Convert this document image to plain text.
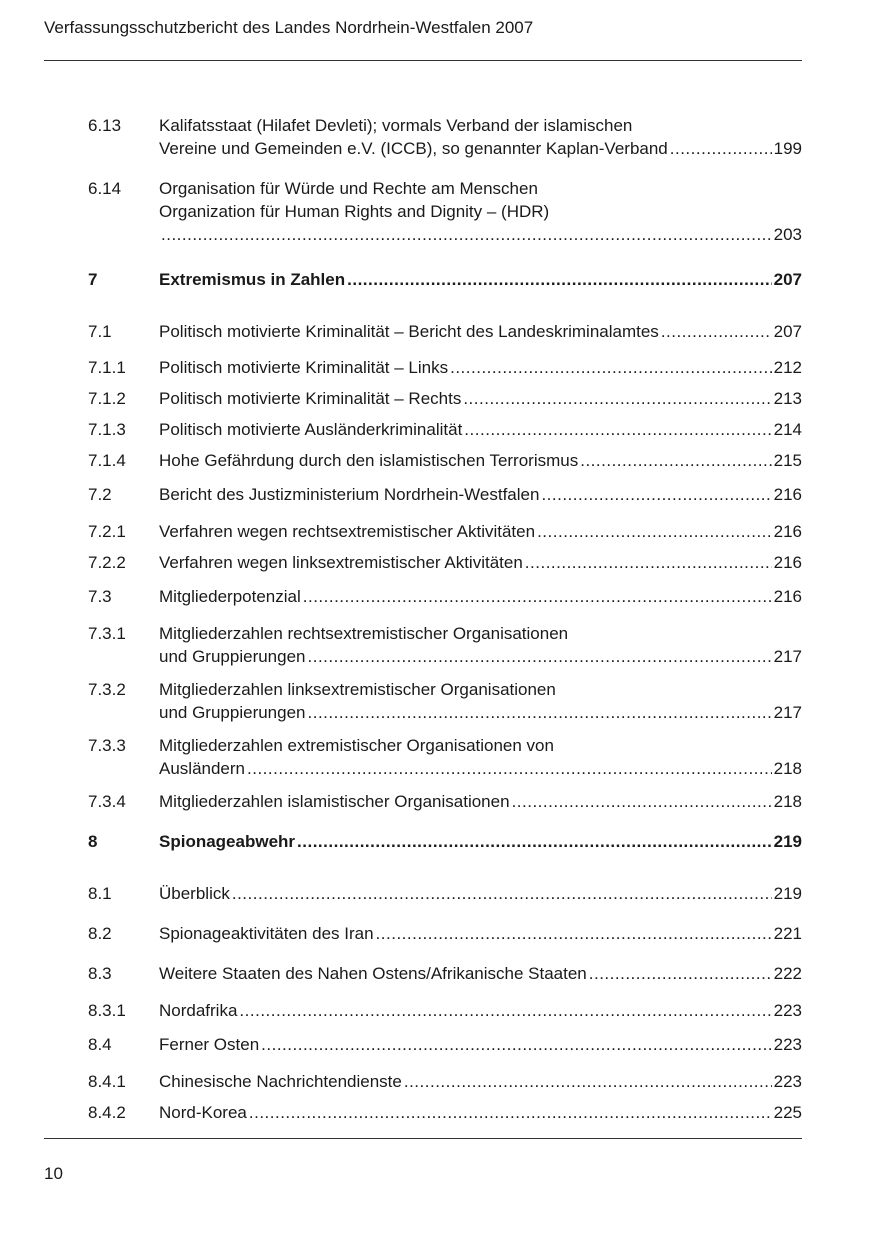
Verfassungsschutzbericht des Landes Nordrhein-Westfalen 2007
6.13 Kalifatsstaat (Hilafet Devleti); vormals Verband der islamischen
Vereine und Gemeinden e.V. (ICCB), so genannter Kaplan-Verband .....	199
6.14 Organisation für Würde und Rechte am Menschen
Organization für Human Rights and Dignity – (HDR)
.....
203
7	Extremismus in Zahlen .....	207
7.1	Politisch motivierte Kriminalität – Bericht des Landeskriminalamtes .....	207
7.1.1 Politisch motivierte Kriminalität – Links .....	212
7.1.2 Politisch motivierte Kriminalität – Rechts .....	213
7.1.3 Politisch motivierte Ausländerkriminalität .....	214
7.1.4 Hohe Gefährdung durch den islamistischen Terrorismus .....	215
7.2	Bericht des Justizministerium Nordrhein-Westfalen .....	216
7.2.1 Verfahren wegen rechtsextremistischer Aktivitäten .....	216
7.2.2 Verfahren wegen linksextremistischer Aktivitäten .....	216
7.3	Mitgliederpotenzial .....	216
7.3.1 Mitgliederzahlen rechtsextremistischer Organisationen
und Gruppierungen .....	217
7.3.2 Mitgliederzahlen linksextremistischer Organisationen
und Gruppierungen .....	217
7.3.3 Mitgliederzahlen extremistischer Organisationen von
Ausländern .....	218
7.3.4 Mitgliederzahlen islamistischer Organisationen .....	218
8	Spionageabwehr .....	219
8.1	Überblick .....	219
8.2	Spionageaktivitäten des Iran .....	221
8.3	Weitere Staaten des Nahen Ostens/Afrikanische Staaten .....	222
8.3.1 Nordafrika .....	223
8.4	Ferner Osten .....	223
8.4.1 Chinesische Nachrichtendienste .....	223
8.4.2 Nord-Korea .....	225
10
